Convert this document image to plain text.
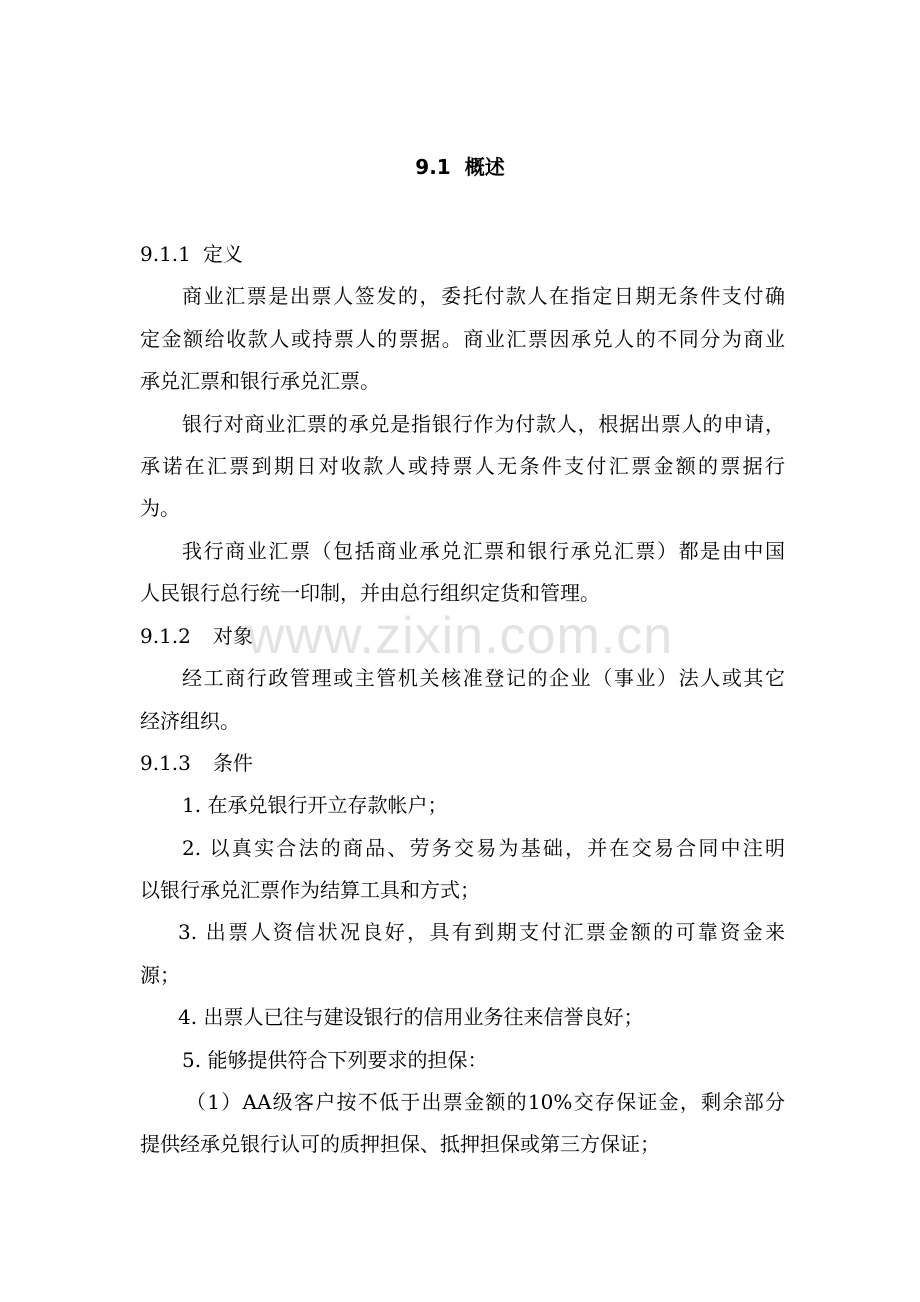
www.zixin.com.cn
9.1 概述
9.1.1 定义
商业汇票是出票人签发的，委托付款人在指定日期无条件支付确
定金额给收款人或持票人的票据。商业汇票因承兑人的不同分为商业
承兑汇票和银行承兑汇票。
银行对商业汇票的承兑是指银行作为付款人，根据出票人的申请，
承诺在汇票到期日对收款人或持票人无条件支付汇票金额的票据行
为。
我行商业汇票（包括商业承兑汇票和银行承兑汇票）都是由中国
人民银行总行统一印制，并由总行组织定货和管理。
9.1.2 对象
经工商行政管理或主管机关核准登记的企业（事业）法人或其它
经济组织。
9.1.3 条件
1. 在承兑银行开立存款帐户；
2. 以真实合法的商品、劳务交易为基础，并在交易合同中注明
以银行承兑汇票作为结算工具和方式；
3. 出票人资信状况良好，具有到期支付汇票金额的可靠资金来
源；
4. 出票人已往与建设银行的信用业务往来信誉良好；
5. 能够提供符合下列要求的担保：
（1）AA级客户按不低于出票金额的10%交存保证金，剩余部分
提供经承兑银行认可的质押担保、抵押担保或第三方保证；
